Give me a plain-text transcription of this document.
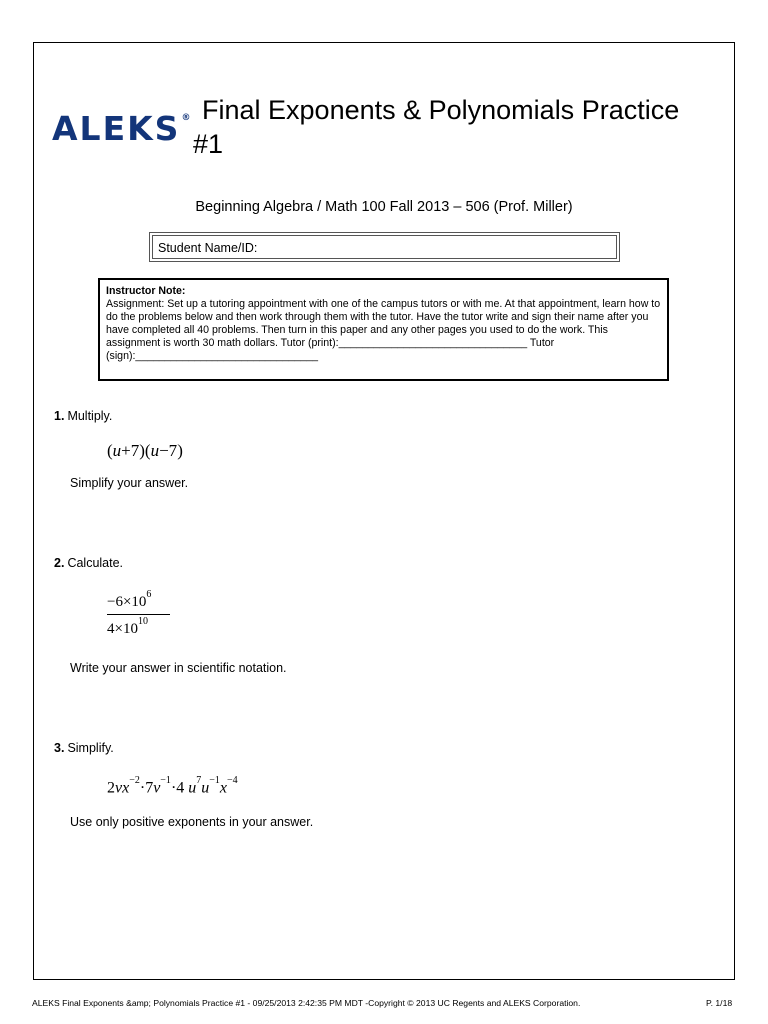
ALEKS® Final Exponents & Polynomials Practice #1
Beginning Algebra / Math 100 Fall 2013 – 506 (Prof. Miller)
Student Name/ID:
Instructor Note:
Assignment: Set up a tutoring appointment with one of the campus tutors or with me. At that appointment, learn how to do the problems below and then work through them with the tutor. Have the tutor write and sign their name after you have completed all 40 problems. Then turn in this paper and any other pages you used to do the work. This assignment is worth 30 math dollars. Tutor (print):________________________________ Tutor (sign):_______________________________
1. Multiply.
(u+7)(u−7)
Simplify your answer.
2. Calculate.
$-6\times 10^6$
$4\times 10^{10}$
Write your answer in scientific notation.
3. Simplify.
$2vx^{-2}\cdot 7v^{-1}\cdot 4$ $u^7u^{-1}x^{-4}$
Use only positive exponents in your answer.
ALEKS Final Exponents &amp; Polynomials Practice #1 - 09/25/2013 2:42:35 PM MDT -Copyright © 2013 UC Regents and ALEKS Corporation.	P. 1/18
